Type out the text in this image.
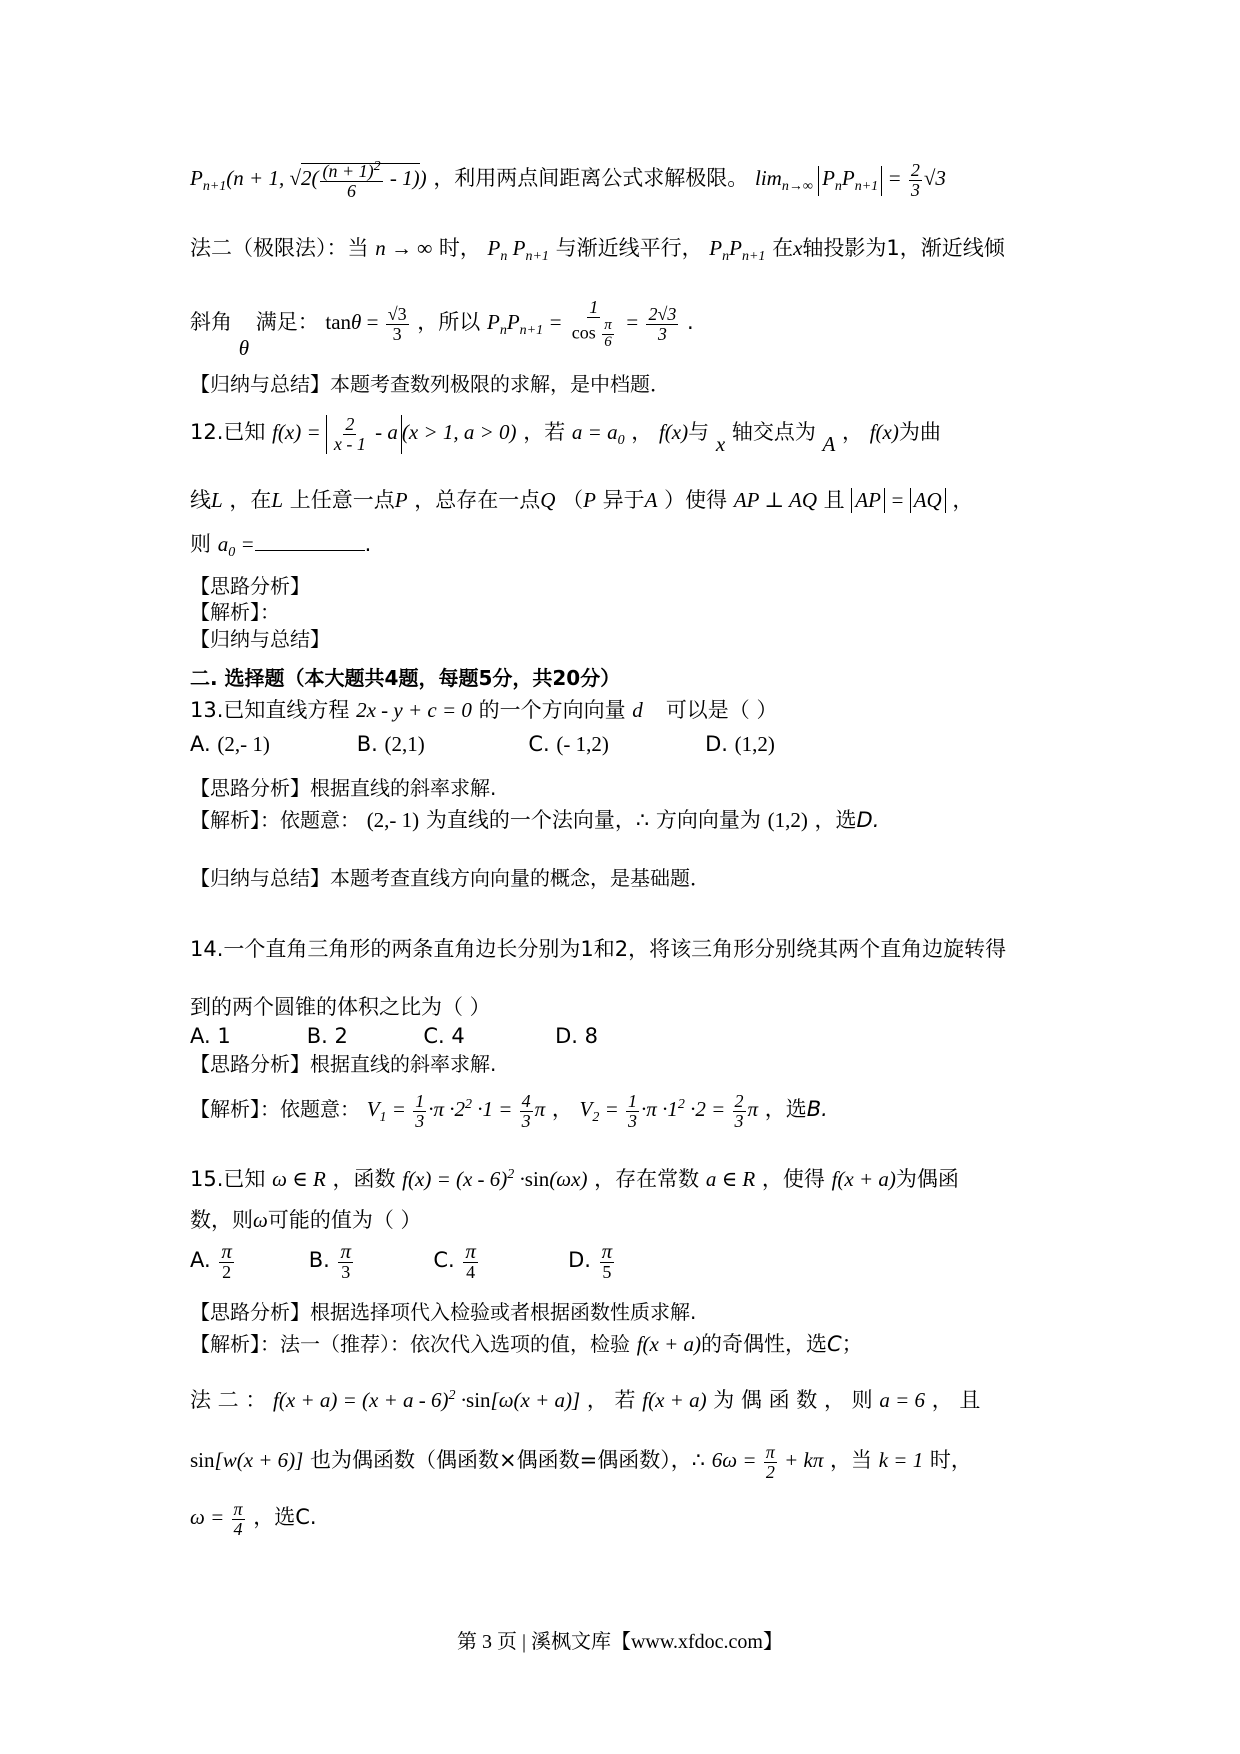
$P_{n+1}(n + 1$, $√2( \frac{(n + 1)^2}{6} - 1)$) ，利用两点间距离公式求解极限。 $\lim_{n\to\infty} P_nP_{n+1} = \frac{2}{3} √3$
法二（极限法）：当 n → ∞ 时， $P_n$ $P_{n+1}$ 与渐近线平行， $P_nP_{n+1}$ 在x轴投影为1，渐近线倾
斜角 θ 满足： $\tan\theta = \frac{√3}{3}$ ，所以 $P_nP_{n+1} = \frac{1}{\cos \frac{\pi}{6}} = \frac{2√3}{3}$ .
【归纳与总结】本题考查数列极限的求解，是中档题．
12.已知 $f(x) = \frac{2}{x - 1} - a$ (x > 1, a > 0) ，若 $a = a_0$ ， f(x)与 x 轴交点为 A ， f(x)为曲
线L ，在L 上任意一点P ，总存在一点Q （P 异于A ）使得 AP ⊥ AQ 且 AP = AQ ，
则 $a_0$ =	.
【思路分析】
【解析】：
【归纳与总结】
二. 选择题（本大题共4题，每题5分，共20分）
13.已知直线方程 2x - y + c = 0 的一个方向向量 d⃗ 可以是（ ）
A. (2,- 1)	B. (2,1)	C. (- 1,2)	D. (1,2)
【思路分析】根据直线的斜率求解.
【解析】：依题意： (2,- 1) 为直线的一个法向量，∴ 方向向量为 (1,2) ，选D.
【归纳与总结】本题考查直线方向向量的概念，是基础题．
14.一个直角三角形的两条直角边长分别为1和2，将该三角形分别绕其两个直角边旋转得
到的两个圆锥的体积之比为（ ）
A. 1	B. 2	C. 4	D. 8
【思路分析】根据直线的斜率求解.
【解析】：依题意： $V_1 = \frac{1}{3} \cdot\pi \cdot 2^2 \cdot 1 = \frac{4}{3}$ π ， $V_2 = \frac{1}{3} \cdot\pi \cdot 1^2 \cdot 2 = \frac{2}{3}$ π ，选B.
15.已知 ω ∈ R ，函数 f(x) = (x - 6)$^2$ ·sin(ωx) ，存在常数 a ∈ R ，使得 f(x + a)为偶函
数，则ω可能的值为（ ）
A. $\frac{\pi}{2}$	B. $\frac{\pi}{3}$	C. $\frac{\pi}{4}$	D. $\frac{\pi}{5}$
【思路分析】根据选择项代入检验或者根据函数性质求解.
【解析】：法一（推荐）：依次代入选项的值，检验 f(x + a)的奇偶性，选C；
法 二 ： $f(x + a) = (x + a - 6)^2 \cdot\sin[\omega(x + a)]$ ， 若 f(x + a) 为 偶 函 数 ， 则 a = 6 ， 且
sin[w(x + 6)] 也为偶函数（偶函数×偶函数=偶函数），∴ $6\omega = \frac{\pi}{2} + k\pi$ ，当 k = 1 时，
$\omega = \frac{\pi}{4}$ ，选C.
第 3 页 | 溪枫文库【www.xfdoc.com】
